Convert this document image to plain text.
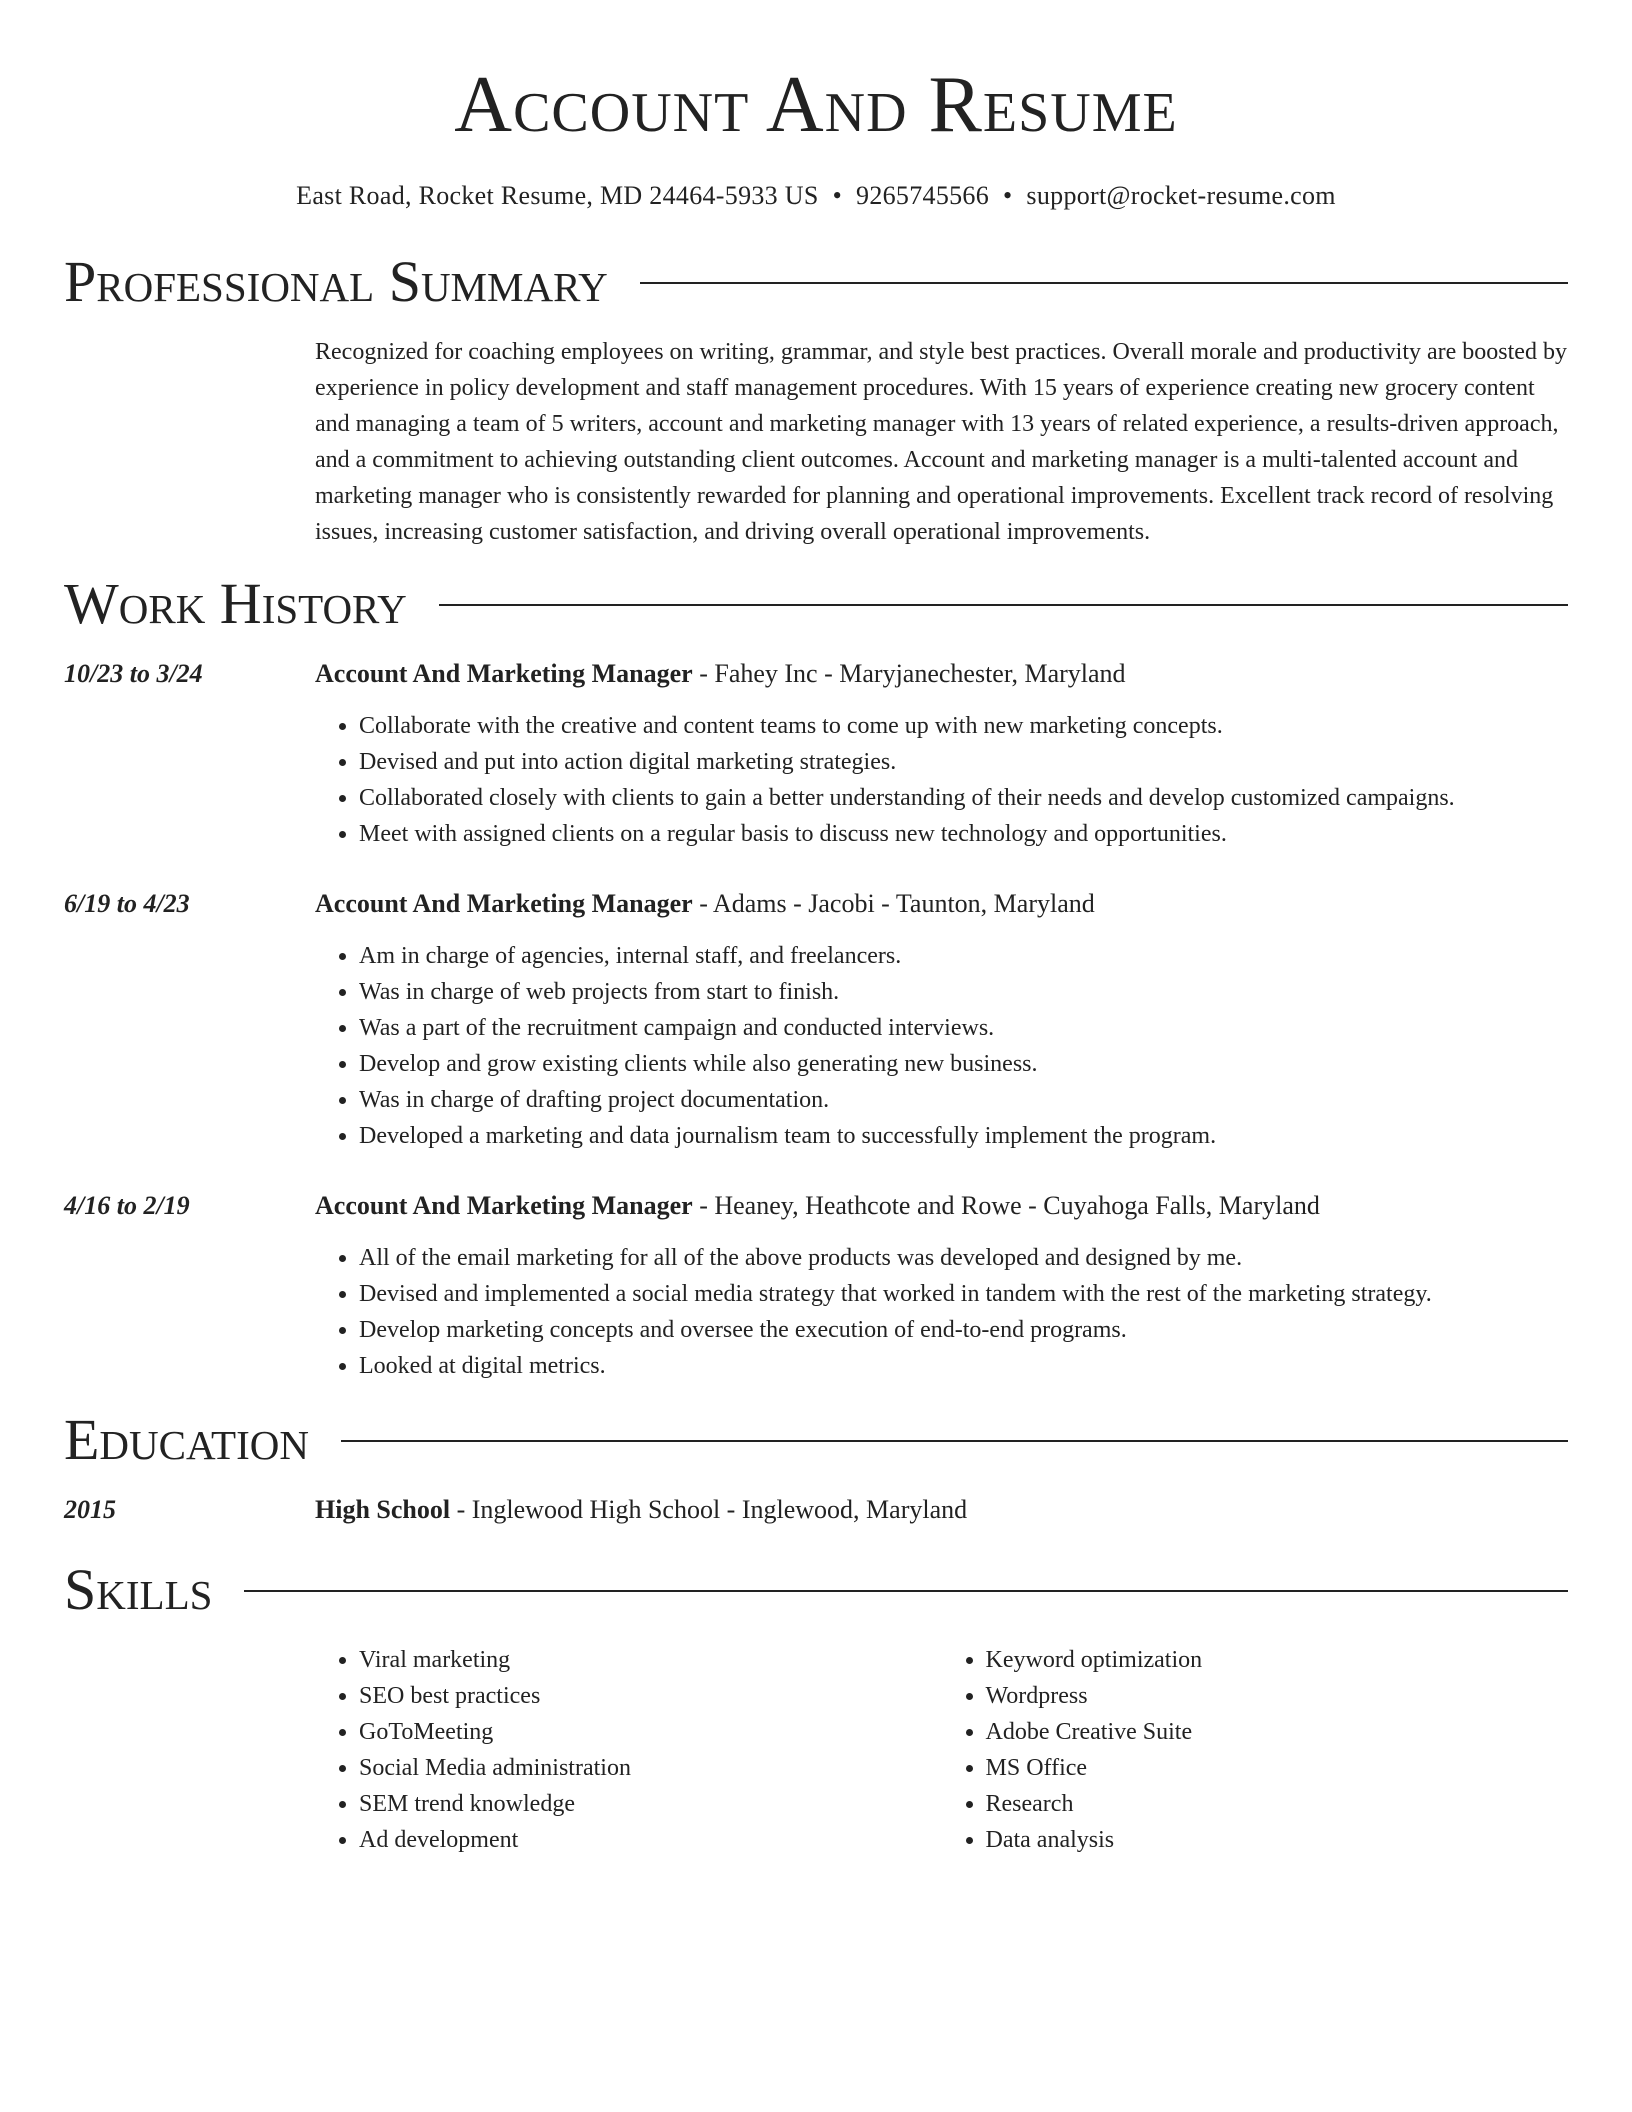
Account And Resume
East Road, Rocket Resume, MD 24464-5933 US • 9265745566 • support@rocket-resume.com
Professional Summary

Recognized for coaching employees on writing, grammar, and style best practices. Overall morale and productivity are boosted by experience in policy development and staff management procedures. With 15 years of experience creating new grocery content and managing a team of 5 writers, account and marketing manager with 13 years of related experience, a results-driven approach, and a commitment to achieving outstanding client outcomes. Account and marketing manager is a multi-talented account and marketing manager who is consistently rewarded for planning and operational improvements. Excellent track record of resolving issues, increasing customer satisfaction, and driving overall operational improvements.

Work History
10/23 to 3/24	Account And Marketing Manager - Fahey Inc - Maryjanechester, Maryland
• Collaborate with the creative and content teams to come up with new marketing concepts.
• Devised and put into action digital marketing strategies.
• Collaborated closely with clients to gain a better understanding of their needs and develop customized campaigns.
• Meet with assigned clients on a regular basis to discuss new technology and opportunities.
6/19 to 4/23	Account And Marketing Manager - Adams - Jacobi - Taunton, Maryland
• Am in charge of agencies, internal staff, and freelancers.
• Was in charge of web projects from start to finish.
• Was a part of the recruitment campaign and conducted interviews.
• Develop and grow existing clients while also generating new business.
• Was in charge of drafting project documentation.
• Developed a marketing and data journalism team to successfully implement the program.
4/16 to 2/19	Account And Marketing Manager - Heaney, Heathcote and Rowe - Cuyahoga Falls, Maryland
• All of the email marketing for all of the above products was developed and designed by me.
• Devised and implemented a social media strategy that worked in tandem with the rest of the marketing strategy.
• Develop marketing concepts and oversee the execution of end-to-end programs.
• Looked at digital metrics.
Education
2015	High School - Inglewood High School - Inglewood, Maryland
Skills
• Viral marketing
• SEO best practices
• GoToMeeting
• Social Media administration
• SEM trend knowledge
• Ad development
• Keyword optimization
• Wordpress
• Adobe Creative Suite
• MS Office
• Research
• Data analysis
